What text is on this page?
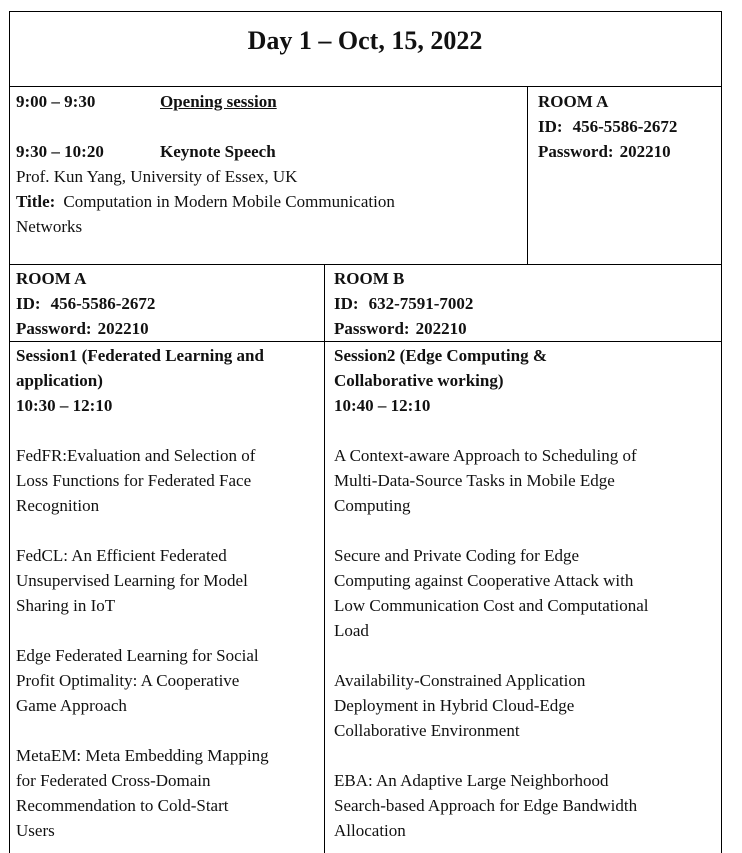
Day 1 – Oct, 15, 2022
9:00 – 9:30	Opening session
9:30 – 10:20	Keynote Speech
Prof. Kun Yang, University of Essex, UK
Title: Computation in Modern Mobile Communication
Networks
ROOM A
ID: 456-5586-2672
Password: 202210
ROOM A
ID: 456-5586-2672
Password: 202210
ROOM B
ID: 632-7591-7002
Password: 202210
Session1 (Federated Learning and
application)
10:30 – 12:10
FedFR:Evaluation and Selection of
Loss Functions for Federated Face
Recognition
FedCL: An Efficient Federated
Unsupervised Learning for Model
Sharing in IoT
Edge Federated Learning for Social
Profit Optimality: A Cooperative
Game Approach
MetaEM: Meta Embedding Mapping
for Federated Cross-Domain
Recommendation to Cold-Start
Users
Session2 (Edge Computing &
Collaborative working)
10:40 – 12:10
A Context-aware Approach to Scheduling of
Multi-Data-Source Tasks in Mobile Edge
Computing
Secure and Private Coding for Edge
Computing against Cooperative Attack with
Low Communication Cost and Computational
Load
Availability-Constrained Application
Deployment in Hybrid Cloud-Edge
Collaborative Environment
EBA: An Adaptive Large Neighborhood
Search-based Approach for Edge Bandwidth
Allocation
